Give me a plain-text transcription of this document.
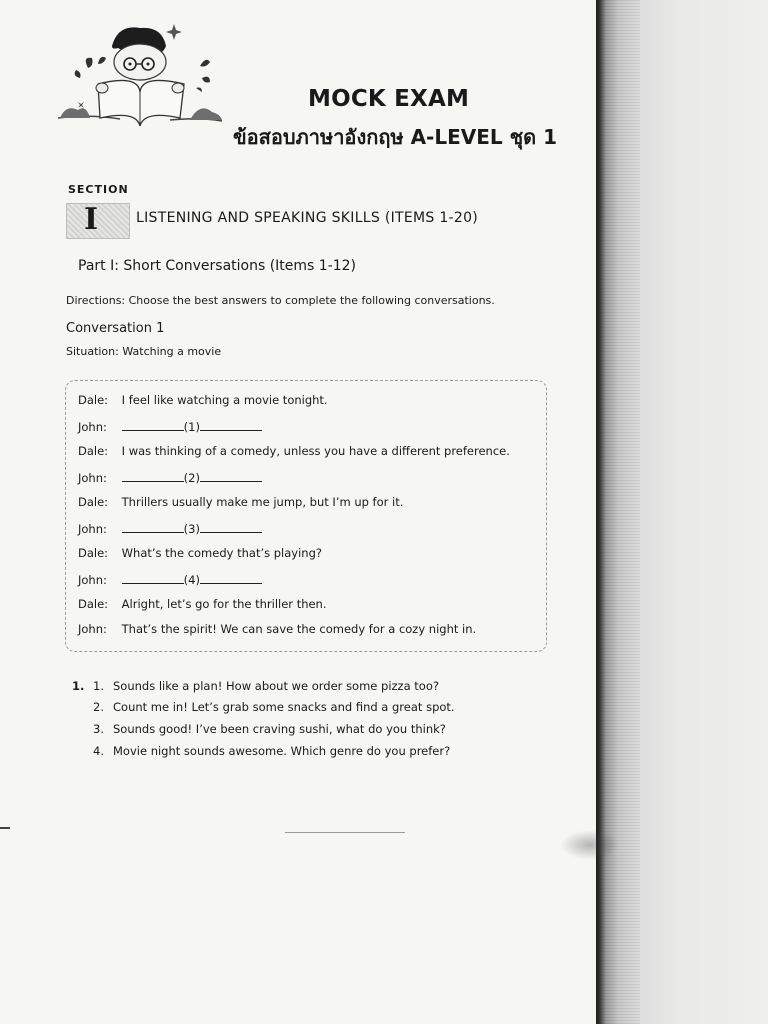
MOCK EXAM
ข้อสอบภาษาอังกฤษ A-LEVEL ชุด 1
SECTION
I	LISTENING AND SPEAKING SKILLS (ITEMS 1-20)
Part I: Short Conversations (Items 1-12)
Directions: Choose the best answers to complete the following conversations.
Conversation 1
Situation: Watching a movie
Dale: I feel like watching a movie tonight.
John:	(1)
Dale: I was thinking of a comedy, unless you have a different preference.
John:	(2)
Dale: Thrillers usually make me jump, but I’m up for it.
John:	(3)
Dale: What’s the comedy that’s playing?
John:	(4)
Dale: Alright, let’s go for the thriller then.
John: That’s the spirit! We can save the comedy for a cozy night in.
1. 1. Sounds like a plan! How about we order some pizza too?
2. Count me in! Let’s grab some snacks and find a great spot.
3. Sounds good! I’ve been craving sushi, what do you think?
4. Movie night sounds awesome. Which genre do you prefer?
